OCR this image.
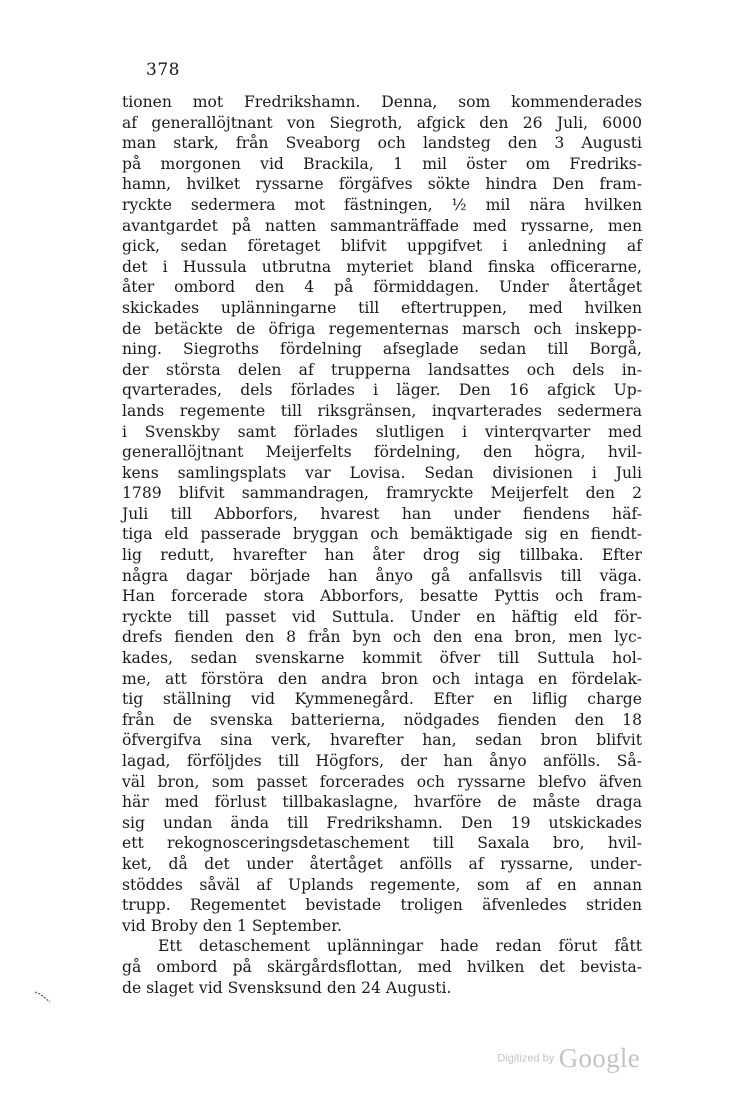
378
tionen mot Fredrikshamn. Denna, som kommenderades
af generallöjtnant von Siegroth, afgick den 26 Juli, 6000
man stark, från Sveaborg och landsteg den 3 Augusti
på morgonen vid Brackila, 1 mil öster om Fredriks-
hamn, hvilket ryssarne förgäfves sökte hindra Den fram-
ryckte sedermera mot fästningen, ½ mil nära hvilken
avantgardet på natten sammanträffade med ryssarne, men
gick, sedan företaget blifvit uppgifvet i anledning af
det i Hussula utbrutna myteriet bland finska officerarne,
åter ombord den 4 på förmiddagen. Under återtåget
skickades uplänningarne till eftertruppen, med hvilken
de betäckte de öfriga regementernas marsch och inskepp-
ning. Siegroths fördelning afseglade sedan till Borgå,
der största delen af trupperna landsattes och dels in-
qvarterades, dels förlades i läger. Den 16 afgick Up-
lands regemente till riksgränsen, inqvarterades sedermera
i Svenskby samt förlades slutligen i vinterqvarter med
generallöjtnant Meijerfelts fördelning, den högra, hvil-
kens samlingsplats var Lovisa. Sedan divisionen i Juli
1789 blifvit sammandragen, framryckte Meijerfelt den 2
Juli till Abborfors, hvarest han under fiendens häf-
tiga eld passerade bryggan och bemäktigade sig en fiendt-
lig redutt, hvarefter han åter drog sig tillbaka. Efter
några dagar började han ånyo gå anfallsvis till väga.
Han forcerade stora Abborfors, besatte Pyttis och fram-
ryckte till passet vid Suttula. Under en häftig eld för-
drefs fienden den 8 från byn och den ena bron, men lyc-
kades, sedan svenskarne kommit öfver till Suttula hol-
me, att förstöra den andra bron och intaga en fördelak-
tig ställning vid Kymmenegård. Efter en liflig charge
från de svenska batterierna, nödgades fienden den 18
öfvergifva sina verk, hvarefter han, sedan bron blifvit
lagad, förföljdes till Högfors, der han ånyo anfölls. Så-
väl bron, som passet forcerades och ryssarne blefvo äfven
här med förlust tillbakaslagne, hvarföre de måste draga
sig undan ända till Fredrikshamn. Den 19 utskickades
ett rekognosceringsdetaschement till Saxala bro, hvil-
ket, då det under återtåget anfölls af ryssarne, under-
stöddes såväl af Uplands regemente, som af en annan
trupp. Regementet bevistade troligen äfvenledes striden
vid Broby den 1 September.
Ett detaschement uplänningar hade redan förut fått
gå ombord på skärgårdsflottan, med hvilken det bevista-
de slaget vid Svensksund den 24 Augusti.
Digitized by Google
